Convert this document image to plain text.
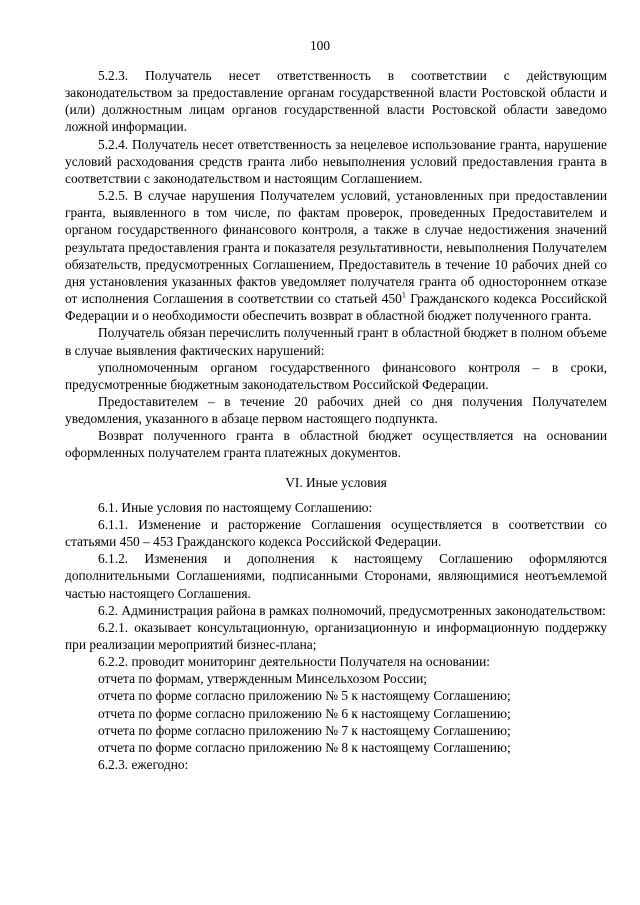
100

5.2.3. Получатель несет ответственность в соответствии с действующим законодательством за предоставление органам государственной власти Ростовской области и (или) должностным лицам органов государственной власти Ростовской области заведомо ложной информации.

5.2.4. Получатель несет ответственность за нецелевое использование гранта, нарушение условий расходования средств гранта либо невыполнения условий предоставления гранта в соответствии с законодательством и настоящим Соглашением.

5.2.5. В случае нарушения Получателем условий, установленных при предоставлении гранта, выявленного в том числе, по фактам проверок, проведенных Предоставителем и органом государственного финансового контроля, а также в случае недостижения значений результата предоставления гранта и показателя результативности, невыполнения Получателем обязательств, предусмотренных Соглашением, Предоставитель в течение 10 рабочих дней со дня установления указанных фактов уведомляет получателя гранта об одностороннем отказе от исполнения Соглашения в соответствии со статьей $450^1$ Гражданского кодекса Российской Федерации и о необходимости обеспечить возврат в областной бюджет полученного гранта.

Получатель обязан перечислить полученный грант в областной бюджет в полном объеме в случае выявления фактических нарушений:

уполномоченным органом государственного финансового контроля – в сроки, предусмотренные бюджетным законодательством Российской Федерации.

Предоставителем – в течение 20 рабочих дней со дня получения Получателем уведомления, указанного в абзаце первом настоящего подпункта.

Возврат полученного гранта в областной бюджет осуществляется на основании оформленных получателем гранта платежных документов.

VI. Иные условия

6.1. Иные условия по настоящему Соглашению:

6.1.1. Изменение и расторжение Соглашения осуществляется в соответствии со статьями 450 – 453 Гражданского кодекса Российской Федерации.

6.1.2. Изменения и дополнения к настоящему Соглашению оформляются дополнительными Соглашениями, подписанными Сторонами, являющимися неотъемлемой частью настоящего Соглашения.

6.2. Администрация района в рамках полномочий, предусмотренных законодательством:

6.2.1. оказывает консультационную, организационную и информационную поддержку при реализации мероприятий бизнес-плана;

6.2.2. проводит мониторинг деятельности Получателя на основании:

отчета по формам, утвержденным Минсельхозом России;

отчета по форме согласно приложению № 5 к настоящему Соглашению;

отчета по форме согласно приложению № 6 к настоящему Соглашению;

отчета по форме согласно приложению № 7 к настоящему Соглашению;

отчета по форме согласно приложению № 8 к настоящему Соглашению;

6.2.3. ежегодно:
